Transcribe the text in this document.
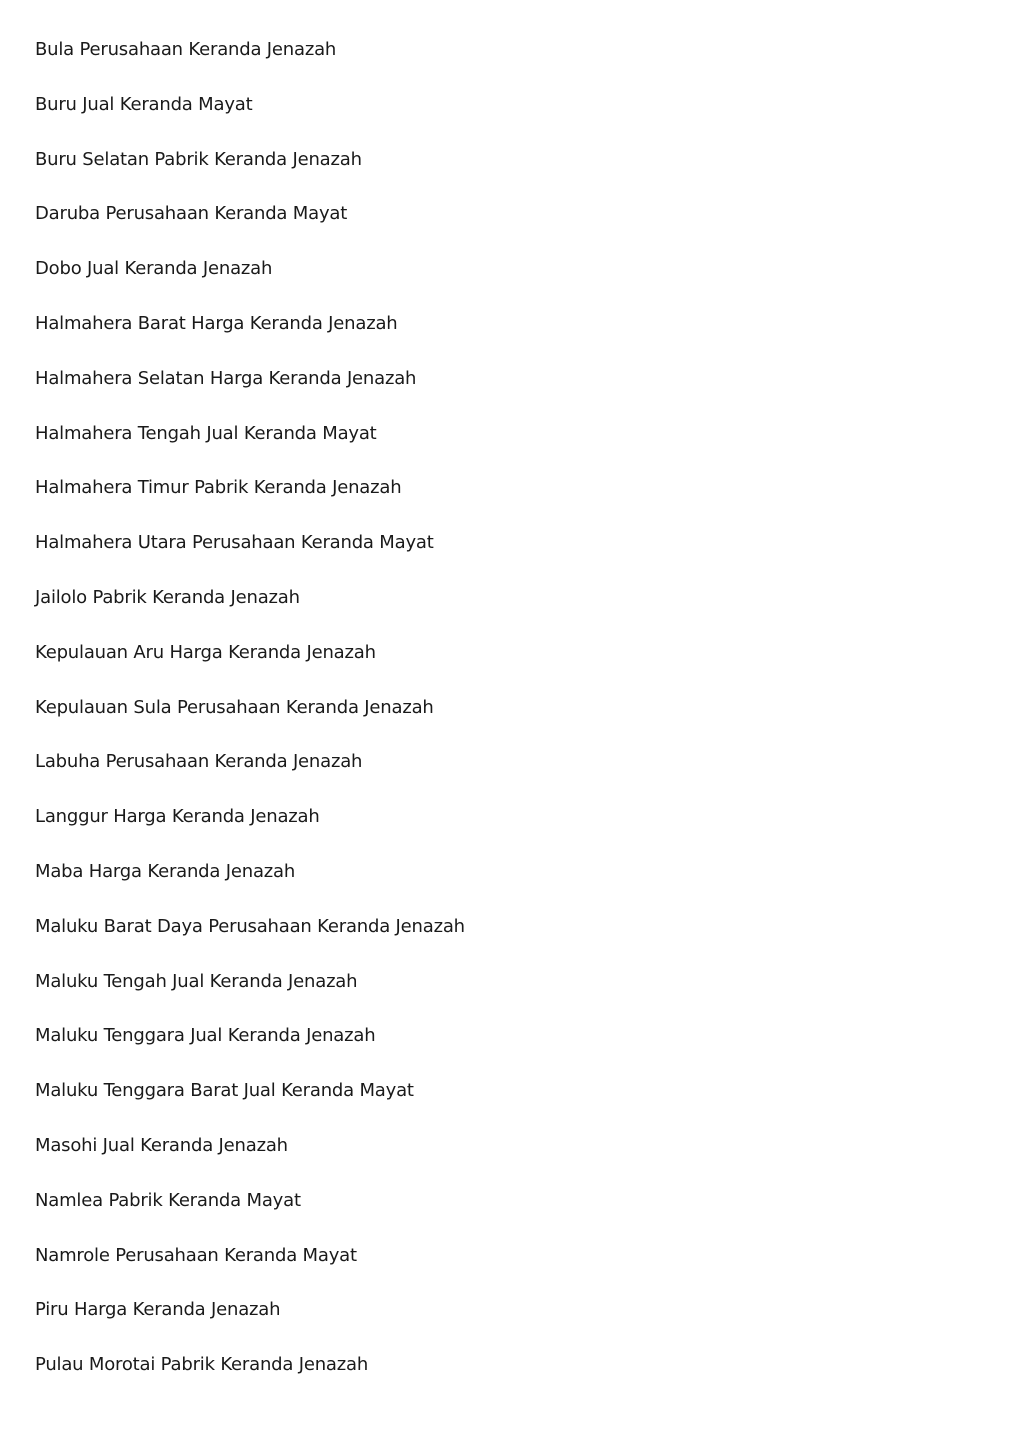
Bula Perusahaan Keranda Jenazah
Buru Jual Keranda Mayat
Buru Selatan Pabrik Keranda Jenazah
Daruba Perusahaan Keranda Mayat
Dobo Jual Keranda Jenazah
Halmahera Barat Harga Keranda Jenazah
Halmahera Selatan Harga Keranda Jenazah
Halmahera Tengah Jual Keranda Mayat
Halmahera Timur Pabrik Keranda Jenazah
Halmahera Utara Perusahaan Keranda Mayat
Jailolo Pabrik Keranda Jenazah
Kepulauan Aru Harga Keranda Jenazah
Kepulauan Sula Perusahaan Keranda Jenazah
Labuha Perusahaan Keranda Jenazah
Langgur Harga Keranda Jenazah
Maba Harga Keranda Jenazah
Maluku Barat Daya Perusahaan Keranda Jenazah
Maluku Tengah Jual Keranda Jenazah
Maluku Tenggara Jual Keranda Jenazah
Maluku Tenggara Barat Jual Keranda Mayat
Masohi Jual Keranda Jenazah
Namlea Pabrik Keranda Mayat
Namrole Perusahaan Keranda Mayat
Piru Harga Keranda Jenazah
Pulau Morotai Pabrik Keranda Jenazah
